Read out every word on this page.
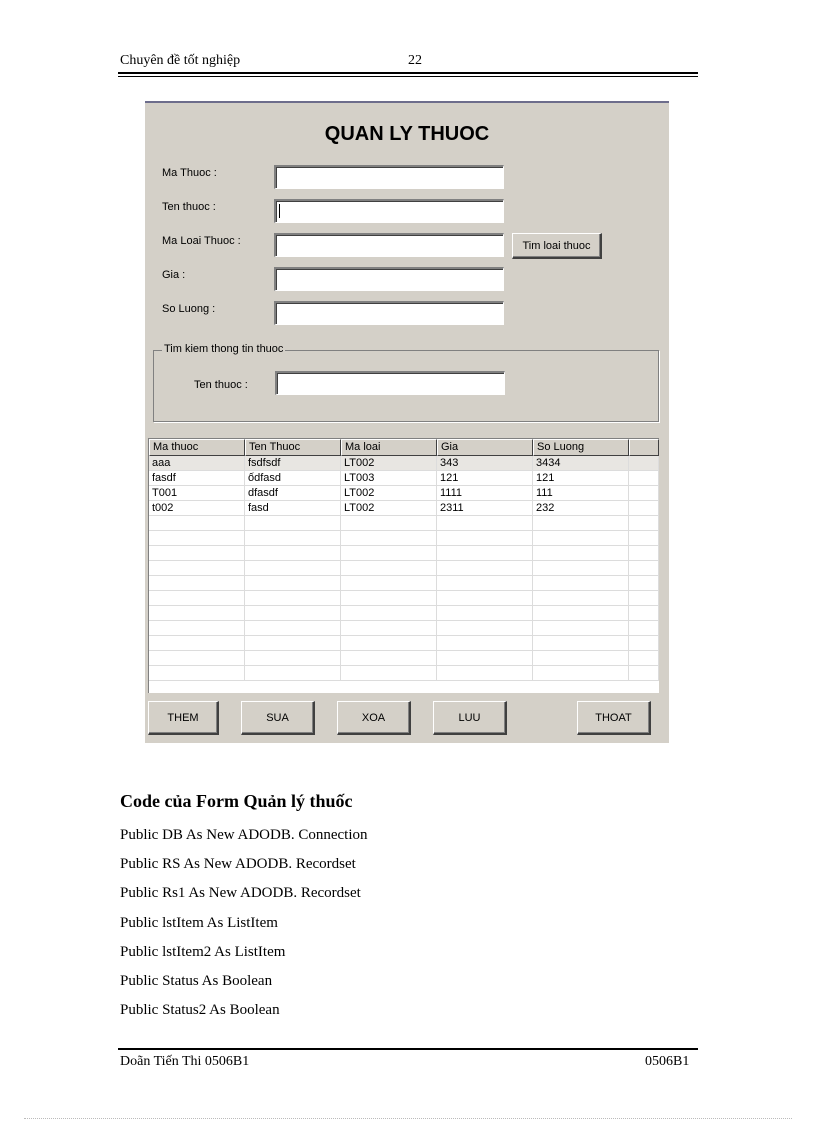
Chuyên đề tốt nghiệp	22
QUAN LY THUOC
Ma Thuoc :
Ten thuoc :
Ma Loai Thuoc :	Tim loai thuoc
Gia :
So Luong :
Tim kiem thong tin thuoc
Ten thuoc :
Ma thuoc	Ten Thuoc	Ma loai	Gia	So Luong
aaa	fsdfsdf	LT002	343	3434
fasdf	ốdfasd	LT003	121	121
T001	dfasdf	LT002	1111	111
t002	fasd	LT002	2311	232
THEM	SUA	XOA	LUU	THOAT
Code của Form Quản lý thuốc
Public DB As New ADODB. Connection
Public RS As New ADODB. Recordset
Public Rs1 As New ADODB. Recordset
Public lstItem As ListItem
Public lstItem2 As ListItem
Public Status As Boolean
Public Status2 As Boolean
Doãn Tiến Thi 0506B1	0506B1
